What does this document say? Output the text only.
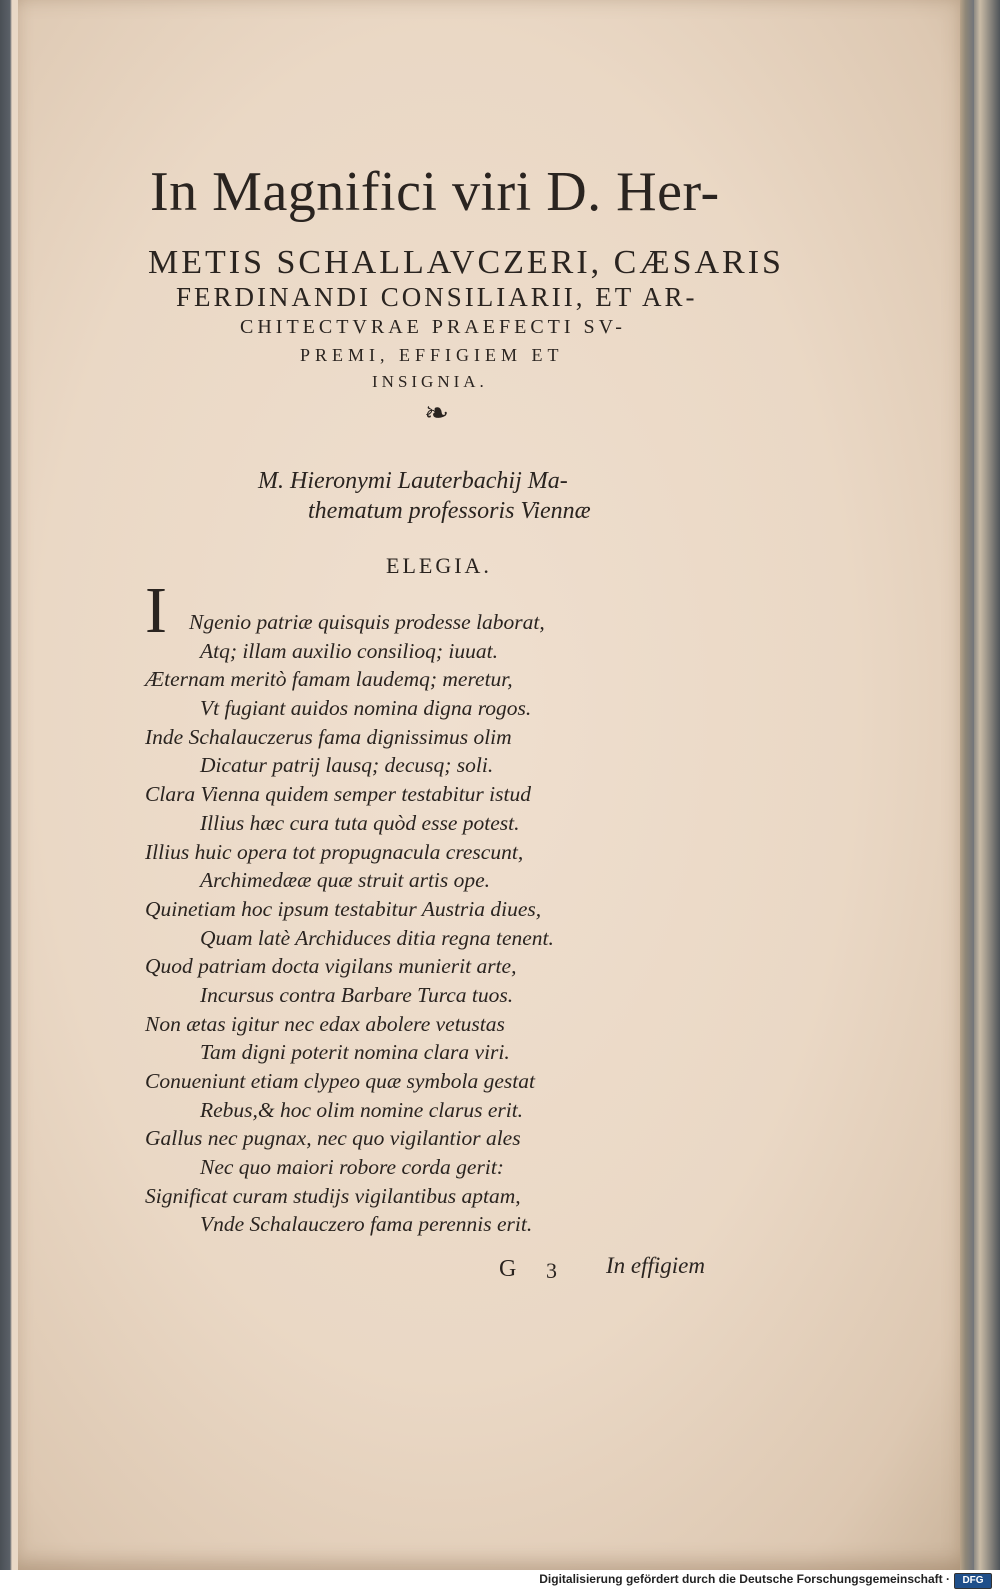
In Magnifici viri D. Her-
METIS SCHALLAVCZERI, CÆSARIS
FERDINANDI CONSILIARII, ET AR-
CHITECTVRAE PRAEFECTI SV-
PREMI, EFFIGIEM ET
INSIGNIA.
❧
M. Hieronymi Lauterbachij Ma-
thematum professoris Viennæ
ELEGIA.
I	Ngenio patriæ quisquis prodesse laborat,
Atq; illam auxilio consilioq; iuuat.
Æternam meritò famam laudemq; meretur,
Vt fugiant auidos nomina digna rogos.
Inde Schalauczerus fama dignissimus olim
Dicatur patrij lausq; decusq; soli.
Clara Vienna quidem semper testabitur istud
Illius hæc cura tuta quòd esse potest.
Illius huic opera tot propugnacula crescunt,
Archimedææ quæ struit artis ope.
Quinetiam hoc ipsum testabitur Austria diues,
Quam latè Archiduces ditia regna tenent.
Quod patriam docta vigilans munierit arte,
Incursus contra Barbare Turca tuos.
Non ætas igitur nec edax abolere vetustas
Tam digni poterit nomina clara viri.
Conueniunt etiam clypeo quæ symbola gestat
Rebus,& hoc olim nomine clarus erit.
Gallus nec pugnax, nec quo vigilantior ales
Nec quo maiori robore corda gerit:
Significat curam studijs vigilantibus aptam,
Vnde Schalauczero fama perennis erit.
G 3 In effigiem
Digitalisierung gefördert durch die Deutsche Forschungsgemeinschaft ·	DFG
